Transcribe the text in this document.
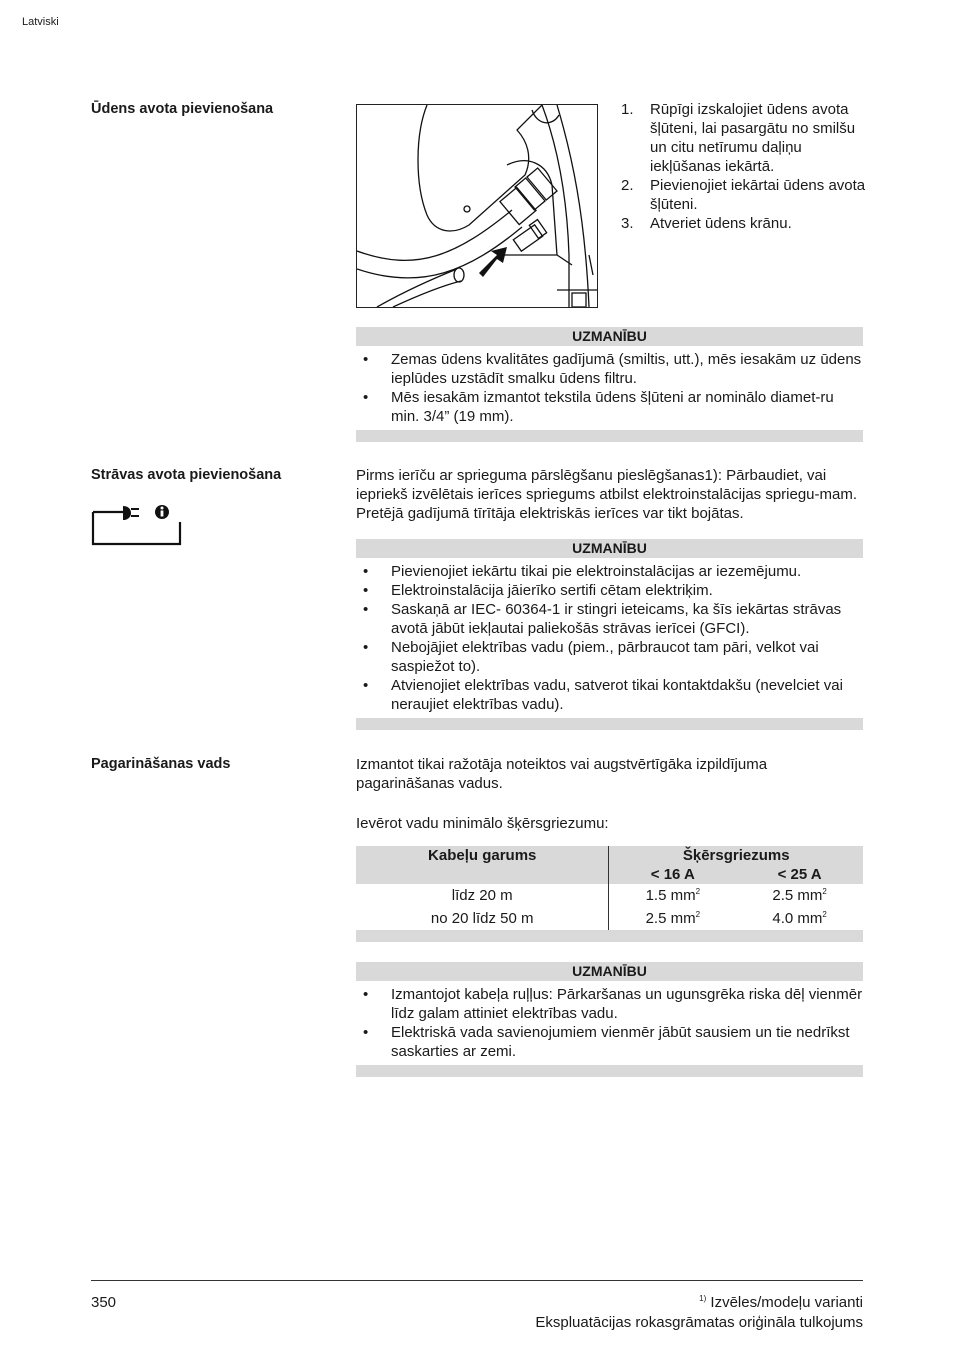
Latviski
Ūdens avota pievienošana	1. Rūpīgi izskalojiet ūdens avota šļūteni, lai pasargātu no smilšu un citu netīrumu daļiņu iekļūšanas iekārtā.
2. Pievienojiet iekārtai ūdens avota šļūteni.
3. Atveriet ūdens krānu.
UZMANĪBU
• Zemas ūdens kvalitātes gadījumā (smiltis, utt.), mēs iesakām uz ūdens ieplūdes uzstādīt smalku ūdens filtru.
• Mēs iesakām izmantot tekstila ūdens šļūteni ar nominālo diamet-ru min. 3/4” (19 mm).
Strāvas avota pievienošana	Pirms ierīču ar sprieguma pārslēgšanu pieslēgšanas1): Pārbaudiet, vai iepriekš izvēlētais ierīces spriegums atbilst elektroinstalācijas spriegu-mam. Pretējā gadījumā tīrītāja elektriskās ierīces var tikt bojātas.
UZMANĪBU
• Pievienojiet iekārtu tikai pie elektroinstalācijas ar iezemējumu.
• Elektroinstalācija jāierīko sertifi cētam elektriķim.
• Saskaņā ar IEC- 60364-1 ir stingri ieteicams, ka šīs iekārtas strāvas avotā jābūt iekļautai paliekošās strāvas ierīcei (GFCI).
• Nebojājiet elektrības vadu (piem., pārbraucot tam pāri, velkot vai saspiežot to).
• Atvienojiet elektrības vadu, satverot tikai kontaktdakšu (nevelciet vai neraujiet elektrības vadu).
Pagarināšanas vads	Izmantot tikai ražotāja noteiktos vai augstvērtīgāka izpildījuma pagarināšanas vadus.
Ievērot vadu minimālo šķērsgriezumu:
Kabeļu garums	Šķērsgriezums	
	< 16 A	< 25 A
līdz 20 m	1.5 $mm^2$	2.5 $mm^2$
no 20 līdz 50 m	2.5 $mm^2$	4.0 $mm^2$
UZMANĪBU
• Izmantojot kabeļa ruļļus: Pārkaršanas un ugunsgrēka riska dēļ vienmēr līdz galam attiniet elektrības vadu.
• Elektriskā vada savienojumiem vienmēr jābūt sausiem un tie nedrīkst saskarties ar zemi.
350	$^{1)}$ Izvēles/modeļu varianti
Ekspluatācijas rokasgrāmatas oriģināla tulkojums
